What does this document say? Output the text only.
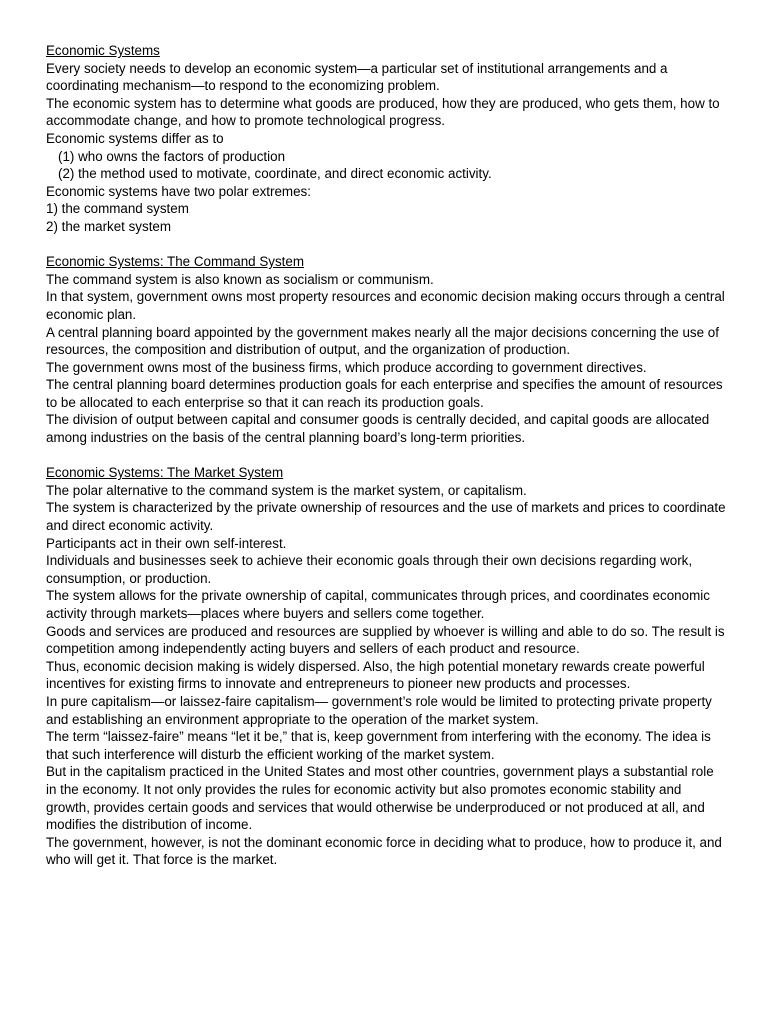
Economic Systems

Every society needs to develop an economic system—a particular set of institutional arrangements and a coordinating mechanism—to respond to the economizing problem.

The economic system has to determine what goods are produced, how they are produced, who gets them, how to accommodate change, and how to promote technological progress.

Economic systems differ as to

(1) who owns the factors of production

(2) the method used to motivate, coordinate, and direct economic activity.

Economic systems have two polar extremes:

1) the command system

2) the market system

Economic Systems: The Command System

The command system is also known as socialism or communism.

In that system, government owns most property resources and economic decision making occurs through a central economic plan.

A central planning board appointed by the government makes nearly all the major decisions concerning the use of resources, the composition and distribution of output, and the organization of production.

The government owns most of the business firms, which produce according to government directives.

The central planning board determines production goals for each enterprise and specifies the amount of resources to be allocated to each enterprise so that it can reach its production goals.

The division of output between capital and consumer goods is centrally decided, and capital goods are allocated among industries on the basis of the central planning board’s long-term priorities.

Economic Systems: The Market System

The polar alternative to the command system is the market system, or capitalism.

The system is characterized by the private ownership of resources and the use of markets and prices to coordinate and direct economic activity.

Participants act in their own self-interest.

Individuals and businesses seek to achieve their economic goals through their own decisions regarding work, consumption, or production.

The system allows for the private ownership of capital, communicates through prices, and coordinates economic activity through markets—places where buyers and sellers come together.

Goods and services are produced and resources are supplied by whoever is willing and able to do so. The result is competition among independently acting buyers and sellers of each product and resource.

Thus, economic decision making is widely dispersed. Also, the high potential monetary rewards create powerful incentives for existing firms to innovate and entrepreneurs to pioneer new products and processes.

In pure capitalism—or laissez-faire capitalism— government’s role would be limited to protecting private property and establishing an environment appropriate to the operation of the market system.

The term “laissez-faire” means “let it be,” that is, keep government from interfering with the economy. The idea is that such interference will disturb the efficient working of the market system.

But in the capitalism practiced in the United States and most other countries, government plays a substantial role in the economy. It not only provides the rules for economic activity but also promotes economic stability and growth, provides certain goods and services that would otherwise be underproduced or not produced at all, and modifies the distribution of income.

The government, however, is not the dominant economic force in deciding what to produce, how to produce it, and who will get it. That force is the market.
